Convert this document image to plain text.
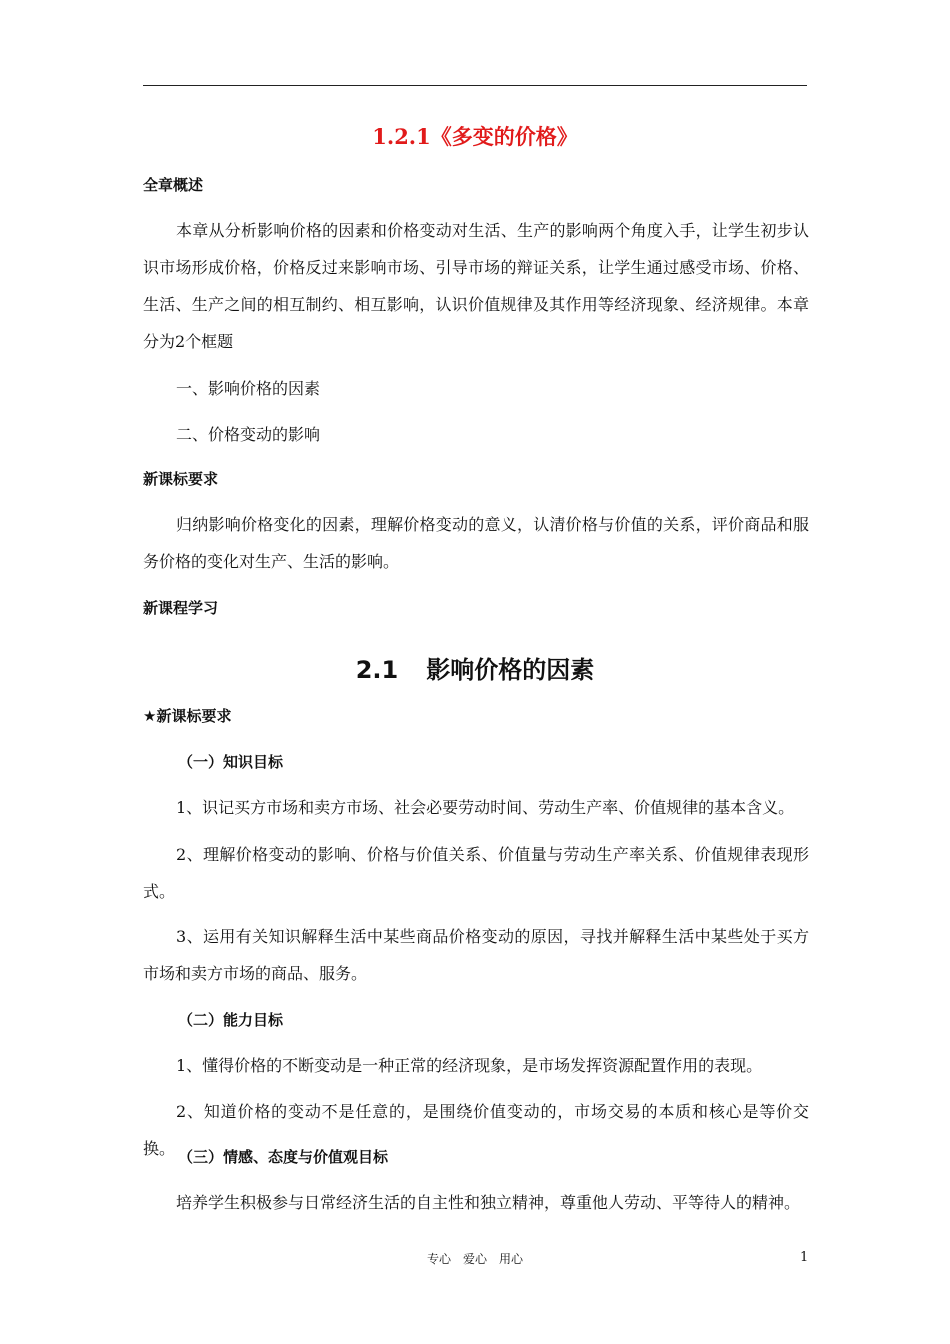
1.2.1《多变的价格》

全章概述

本章从分析影响价格的因素和价格变动对生活、生产的影响两个角度入手，让学生初步认识市场形成价格，价格反过来影响市场、引导市场的辩证关系，让学生通过感受市场、价格、生活、生产之间的相互制约、相互影响，认识价值规律及其作用等经济现象、经济规律。本章分为2个框题

一、影响价格的因素

二、价格变动的影响

新课标要求

归纳影响价格变化的因素，理解价格变动的意义，认清价格与价值的关系，评价商品和服务价格的变化对生产、生活的影响。

新课程学习

2.1 影响价格的因素

★新课标要求

（一）知识目标

1、识记买方市场和卖方市场、社会必要劳动时间、劳动生产率、价值规律的基本含义。

2、理解价格变动的影响、价格与价值关系、价值量与劳动生产率关系、价值规律表现形式。

3、运用有关知识解释生活中某些商品价格变动的原因，寻找并解释生活中某些处于买方市场和卖方市场的商品、服务。

（二）能力目标

1、懂得价格的不断变动是一种正常的经济现象，是市场发挥资源配置作用的表现。

2、知道价格的变动不是任意的，是围绕价值变动的，市场交易的本质和核心是等价交换。 （三）情感、态度与价值观目标

培养学生积极参与日常经济生活的自主性和独立精神，尊重他人劳动、平等待人的精神。

专心　爱心　用心	1
